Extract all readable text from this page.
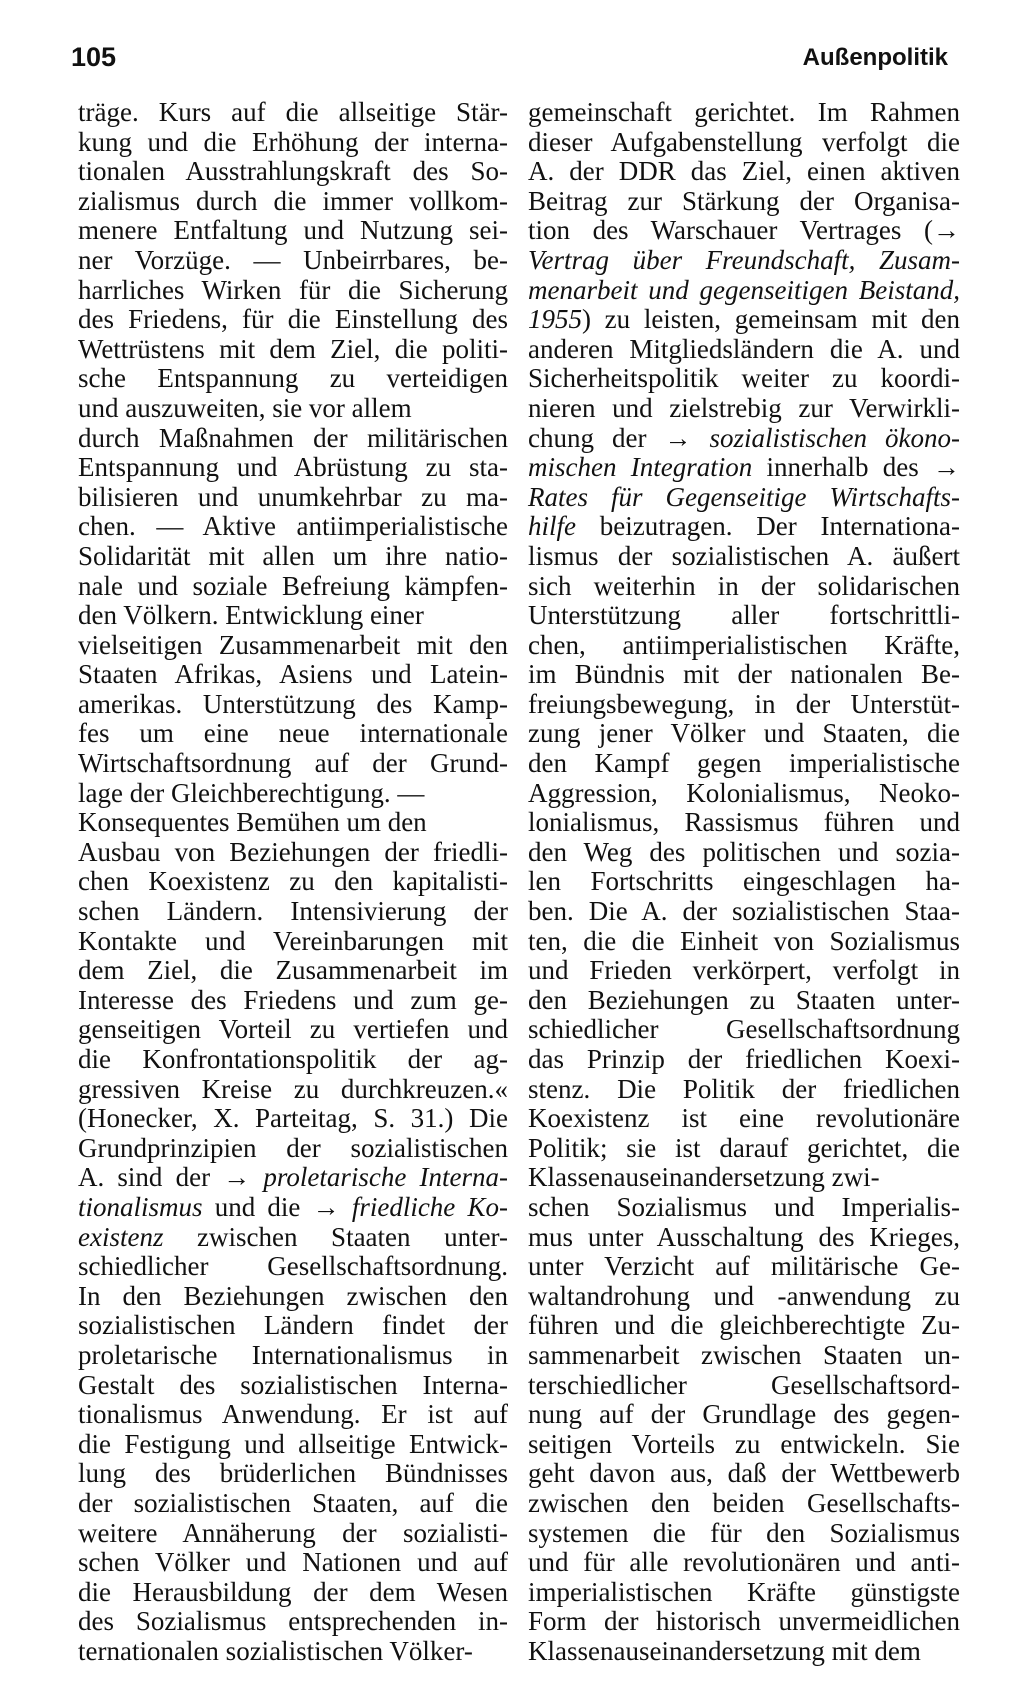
105	Außenpolitik
träge. Kurs auf die allseitige Stär-
kung und die Erhöhung der interna-
tionalen Ausstrahlungskraft des So-
zialismus durch die immer vollkom-
menere Entfaltung und Nutzung sei-
ner Vorzüge. — Unbeirrbares, be-
harrliches Wirken für die Sicherung
des Friedens, für die Einstellung des
Wettrüstens mit dem Ziel, die politi-
sche Entspannung zu verteidigen
und auszuweiten, sie vor allem
durch Maßnahmen der militärischen
Entspannung und Abrüstung zu sta-
bilisieren und unumkehrbar zu ma-
chen. — Aktive antiimperialistische
Solidarität mit allen um ihre natio-
nale und soziale Befreiung kämpfen-
den Völkern. Entwicklung einer
vielseitigen Zusammenarbeit mit den
Staaten Afrikas, Asiens und Latein-
amerikas. Unterstützung des Kamp-
fes um eine neue internationale
Wirtschaftsordnung auf der Grund-
lage der Gleichberechtigung. —
Konsequentes Bemühen um den
Ausbau von Beziehungen der friedli-
chen Koexistenz zu den kapitalisti-
schen Ländern. Intensivierung der
Kontakte und Vereinbarungen mit
dem Ziel, die Zusammenarbeit im
Interesse des Friedens und zum ge-
genseitigen Vorteil zu vertiefen und
die Konfrontationspolitik der ag-
gressiven Kreise zu durchkreuzen.«
(Honecker, X. Parteitag, S. 31.) Die
Grundprinzipien der sozialistischen
A. sind der → proletarische Interna-
tionalismus und die → friedliche Ko-
existenz zwischen Staaten unter-
schiedlicher Gesellschaftsordnung.
In den Beziehungen zwischen den
sozialistischen Ländern findet der
proletarische Internationalismus in
Gestalt des sozialistischen Interna-
tionalismus Anwendung. Er ist auf
die Festigung und allseitige Entwick-
lung des brüderlichen Bündnisses
der sozialistischen Staaten, auf die
weitere Annäherung der sozialisti-
schen Völker und Nationen und auf
die Herausbildung der dem Wesen
des Sozialismus entsprechenden in-
ternationalen sozialistischen Völker-
gemeinschaft gerichtet. Im Rahmen
dieser Aufgabenstellung verfolgt die
A. der DDR das Ziel, einen aktiven
Beitrag zur Stärkung der Organisa-
tion des Warschauer Vertrages (→
Vertrag über Freundschaft, Zusam-
menarbeit und gegenseitigen Beistand,
1955) zu leisten, gemeinsam mit den
anderen Mitgliedsländern die A. und
Sicherheitspolitik weiter zu koordi-
nieren und zielstrebig zur Verwirkli-
chung der → sozialistischen ökono-
mischen Integration innerhalb des →
Rates für Gegenseitige Wirtschafts-
hilfe beizutragen. Der Internationa-
lismus der sozialistischen A. äußert
sich weiterhin in der solidarischen
Unterstützung aller fortschrittli-
chen, antiimperialistischen Kräfte,
im Bündnis mit der nationalen Be-
freiungsbewegung, in der Unterstüt-
zung jener Völker und Staaten, die
den Kampf gegen imperialistische
Aggression, Kolonialismus, Neoko-
lonialismus, Rassismus führen und
den Weg des politischen und sozia-
len Fortschritts eingeschlagen ha-
ben. Die A. der sozialistischen Staa-
ten, die die Einheit von Sozialismus
und Frieden verkörpert, verfolgt in
den Beziehungen zu Staaten unter-
schiedlicher Gesellschaftsordnung
das Prinzip der friedlichen Koexi-
stenz. Die Politik der friedlichen
Koexistenz ist eine revolutionäre
Politik; sie ist darauf gerichtet, die
Klassenauseinandersetzung zwi-
schen Sozialismus und Imperialis-
mus unter Ausschaltung des Krieges,
unter Verzicht auf militärische Ge-
waltandrohung und -anwendung zu
führen und die gleichberechtigte Zu-
sammenarbeit zwischen Staaten un-
terschiedlicher Gesellschaftsord-
nung auf der Grundlage des gegen-
seitigen Vorteils zu entwickeln. Sie
geht davon aus, daß der Wettbewerb
zwischen den beiden Gesellschafts-
systemen die für den Sozialismus
und für alle revolutionären und anti-
imperialistischen Kräfte günstigste
Form der historisch unvermeidlichen
Klassenauseinandersetzung mit dem
